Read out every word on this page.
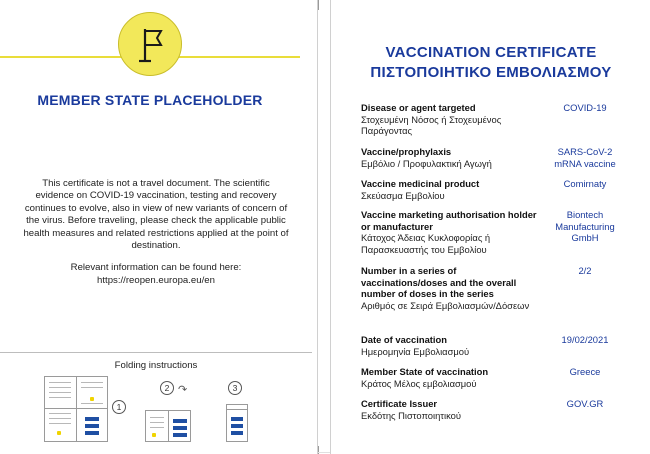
MEMBER STATE PLACEHOLDER
This certificate is not a travel document. The scientific evidence on COVID-19 vaccination, testing and recovery continues to evolve, also in view of new variants of concern of the virus. Before traveling, please check the applicable public health measures and related restrictions applied at the point of destination.
Relevant information can be found here:
https://reopen.europa.eu/en
Folding instructions
1
2 ↷	3
VACCINATION CERTIFICATE
ΠΙΣΤΟΠΟΙΗΤΙΚΟ ΕΜΒΟΛΙΑΣΜΟΥ
Disease or agent targeted
Στοχευμένη Νόσος ή Στοχευμένος Παράγοντας
COVID-19
Vaccine/prophylaxis
Εμβόλιο / Προφυλακτική Αγωγή
SARS-CoV-2 mRNA vaccine
Vaccine medicinal product
Σκεύασμα Εμβολίου
Comirnaty
Vaccine marketing authorisation holder or manufacturer
Κάτοχος Άδειας Κυκλοφορίας ή Παρασκευαστής του Εμβολίου
Biontech Manufacturing GmbH
Number in a series of vaccinations/doses and the overall number of doses in the series
Αριθμός σε Σειρά Εμβολιασμών/Δόσεων
2/2
Date of vaccination
Ημερομηνία Εμβολιασμού
19/02/2021
Member State of vaccination
Κράτος Μέλος εμβολιασμού
Greece
Certificate Issuer
Εκδότης Πιστοποιητικού
GOV.GR
